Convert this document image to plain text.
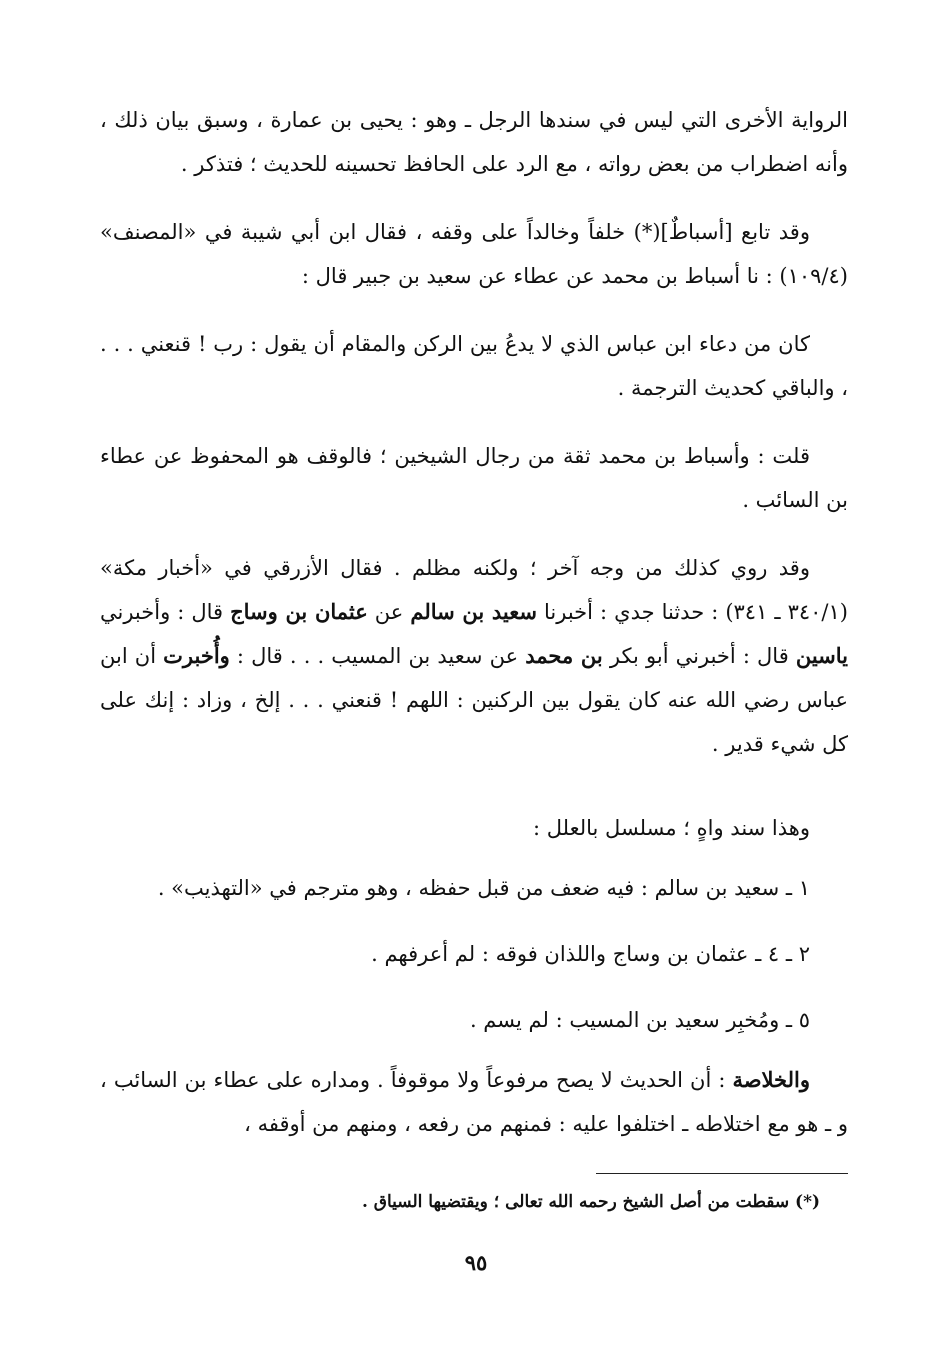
الرواية الأخرى التي ليس في سندها الرجل ـ وهو : يحيى بن عمارة ، وسبق بيان ذلك ، وأنه اضطراب من بعض رواته ، مع الرد على الحافظ تحسينه للحديث ؛ فتذكر .

وقد تابع [أسباطٌ](*) خلفاً وخالداً على وقفه ، فقال ابن أبي شيبة في «المصنف» (١٠٩/٤) : نا أسباط بن محمد عن عطاء عن سعيد بن جبير قال :

كان من دعاء ابن عباس الذي لا يدعُ بين الركن والمقام أن يقول : رب ! قنعني . . . ، والباقي كحديث الترجمة .

قلت : وأسباط بن محمد ثقة من رجال الشيخين ؛ فالوقف هو المحفوظ عن عطاء بن السائب .

وقد روي كذلك من وجه آخر ؛ ولكنه مظلم . فقال الأزرقي في «أخبار مكة» (٣٤٠/١ ـ ٣٤١) : حدثنا جدي : أخبرنا سعيد بن سالم عن عثمان بن وساج قال : وأخبرني ياسين قال : أخبرني أبو بكر بن محمد عن سعيد بن المسيب . . . قال : وأُخبرت أن ابن عباس رضي الله عنه كان يقول بين الركنين : اللهم ! قنعني . . . إلخ ، وزاد : إنك على كل شيء قدير .

وهذا سند واهٍ ؛ مسلسل بالعلل :

١ ـ سعيد بن سالم : فيه ضعف من قبل حفظه ، وهو مترجم في «التهذيب» .

٢ ـ ٤ ـ عثمان بن وساج واللذان فوقه : لم أعرفهم .

٥ ـ ومُخبِر سعيد بن المسيب : لم يسم .

والخلاصة : أن الحديث لا يصح مرفوعاً ولا موقوفاً . ومداره على عطاء بن السائب ، و ـ هو مع اختلاطه ـ اختلفوا عليه : فمنهم من رفعه ، ومنهم من أوقفه ،

(*) سقطت من أصل الشيخ رحمه الله تعالى ؛ ويقتضيها السياق .
٩٥
